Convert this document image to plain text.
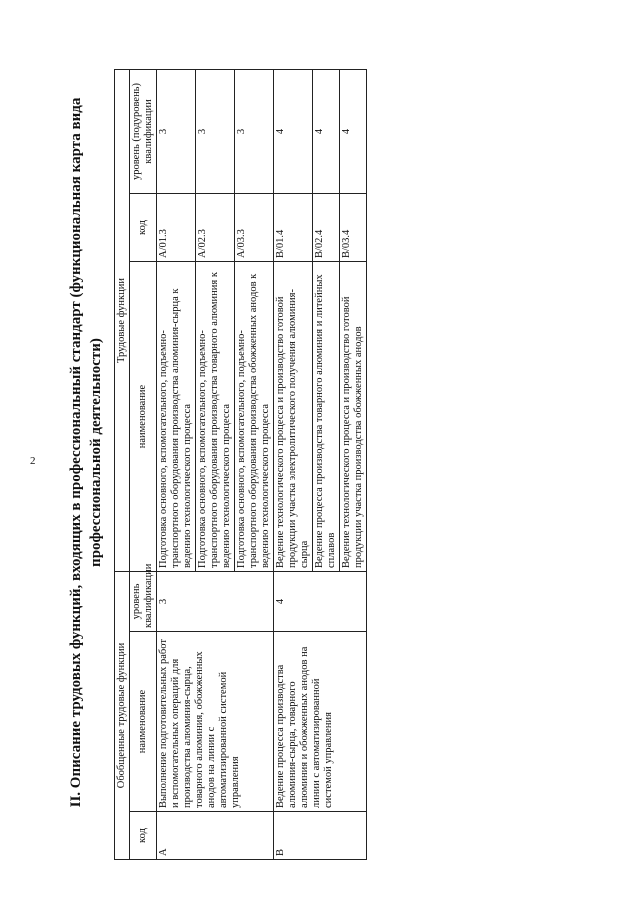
2 II. Описание трудовых функций, входящих в профессиональный стандарт (функциональная карта вида профессиональной деятельности)
Обобщенные трудовые функции			Трудовые функции		
код	наименование	уровень квалификации	наименование	код	уровень (подуровень) квалификации
А	Выполнение подготовительных работ и вспомогательных операций для производства алюминия-сырца, товарного алюминия, обожженных анодов на линии с автоматизированной системой управления	3	Подготовка основного, вспомогательного, подъемно-транспортного оборудования производства алюминия-сырца к ведению технологического процесса	А/01.3	3
			Подготовка основного, вспомогательного, подъемно-транспортного оборудования производства товарного алюминия к ведению технологического процесса	А/02.3	3
			Подготовка основного, вспомогательного, подъемно-транспортного оборудования производства обожженных анодов к ведению технологического процесса	А/03.3	3
В	Ведение процесса производства алюминия-сырца, товарного алюминия и обожженных анодов на линии с автоматизированной системой управления	4	Ведение технологического процесса и производство готовой продукции участка электролитического получения алюминия-сырца	В/01.4	4
			Ведение процесса производства товарного алюминия и литейных сплавов	В/02.4	4
			Ведение технологического процесса и производство готовой продукции участка производства обожженных анодов	В/03.4	4
